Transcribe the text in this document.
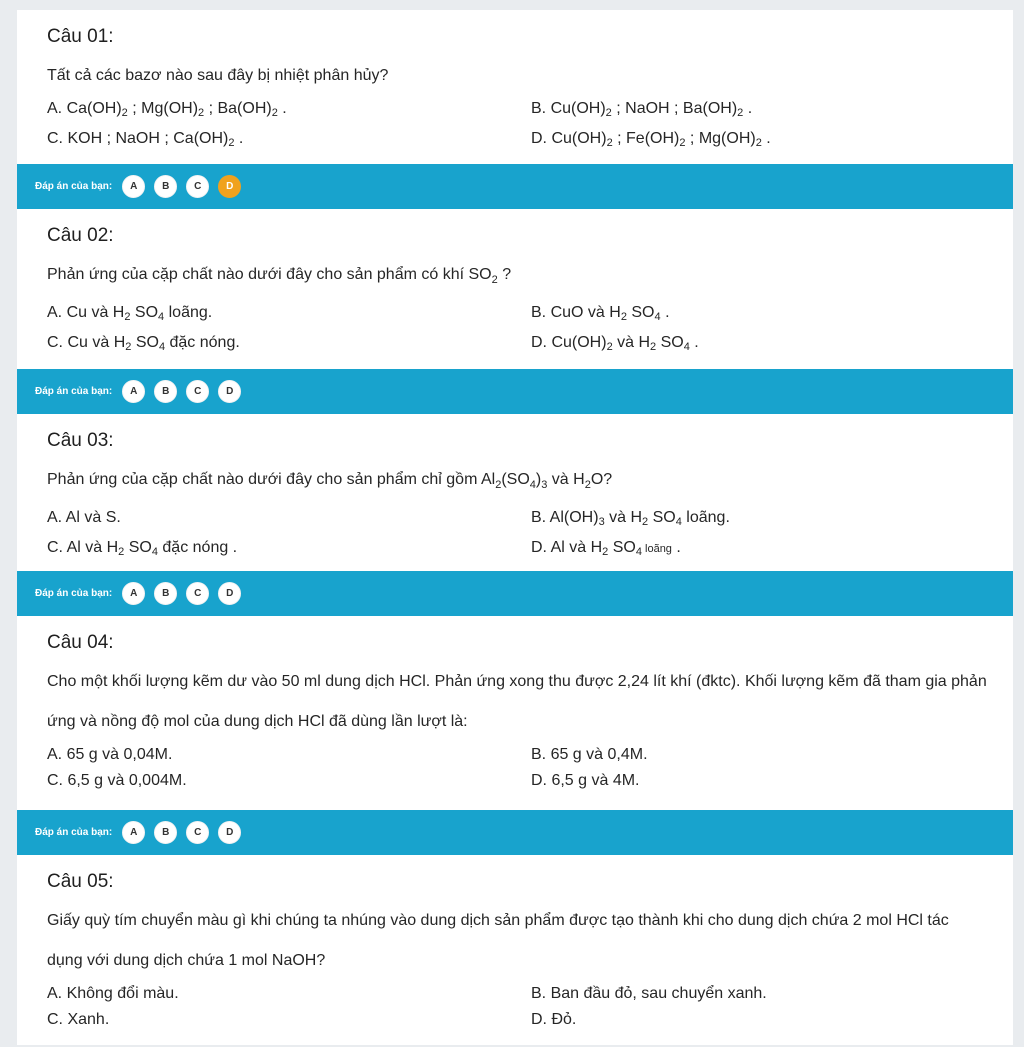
Câu 01:
Tất cả các bazơ nào sau đây bị nhiệt phân hủy?
A. $Ca(OH)_2$ ; $Mg(OH)_2$ ; $Ba(OH)_2$ .	B. $Cu(OH)_2$ ; NaOH ; $Ba(OH)_2$ .
C. KOH ; NaOH ; $Ca(OH)_2$ .	D. $Cu(OH)_2$ ; $Fe(OH)_2$ ; $Mg(OH)_2$ .
Đáp án của bạn:	A	B	C	D
Câu 02:
Phản ứng của cặp chất nào dưới đây cho sản phẩm có khí $SO_2$ ?
A. Cu và $H_2$ $SO_4$ loãng.	B. CuO và $H_2$ $SO_4$ .
C. Cu và $H_2$ $SO_4$ đặc nóng.	D. $Cu(OH)_2$ và $H_2$ $SO_4$ .
Đáp án của bạn:	A	B	C	D
Câu 03:
Phản ứng của cặp chất nào dưới đây cho sản phẩm chỉ gồm $Al_2(SO_4)_3$ và $H_2O$?
A. Al và S.	B. $Al(OH)_3$ và $H_2$ $SO_4$ loãng.
C. Al và $H_2$ $SO_4$ đặc nóng .	D. Al và $H_2$ $SO_4$ loãng .
Đáp án của bạn:	A	B	C	D
Câu 04:
Cho một khối lượng kẽm dư vào 50 ml dung dịch HCl. Phản ứng xong thu được 2,24 lít khí (đktc). Khối lượng kẽm đã tham gia phản ứng và nồng độ mol của dung dịch HCl đã dùng lần lượt là:
A. 65 g và 0,04M.	B. 65 g và 0,4M.
C. 6,5 g và 0,004M.	D. 6,5 g và 4M.
Đáp án của bạn:	A	B	C	D
Câu 05:
Giấy quỳ tím chuyển màu gì khi chúng ta nhúng vào dung dịch sản phẩm được tạo thành khi cho dung dịch chứa 2 mol HCl tác dụng với dung dịch chứa 1 mol NaOH?
A. Không đổi màu.	B. Ban đầu đỏ, sau chuyển xanh.
C. Xanh.	D. Đỏ.
